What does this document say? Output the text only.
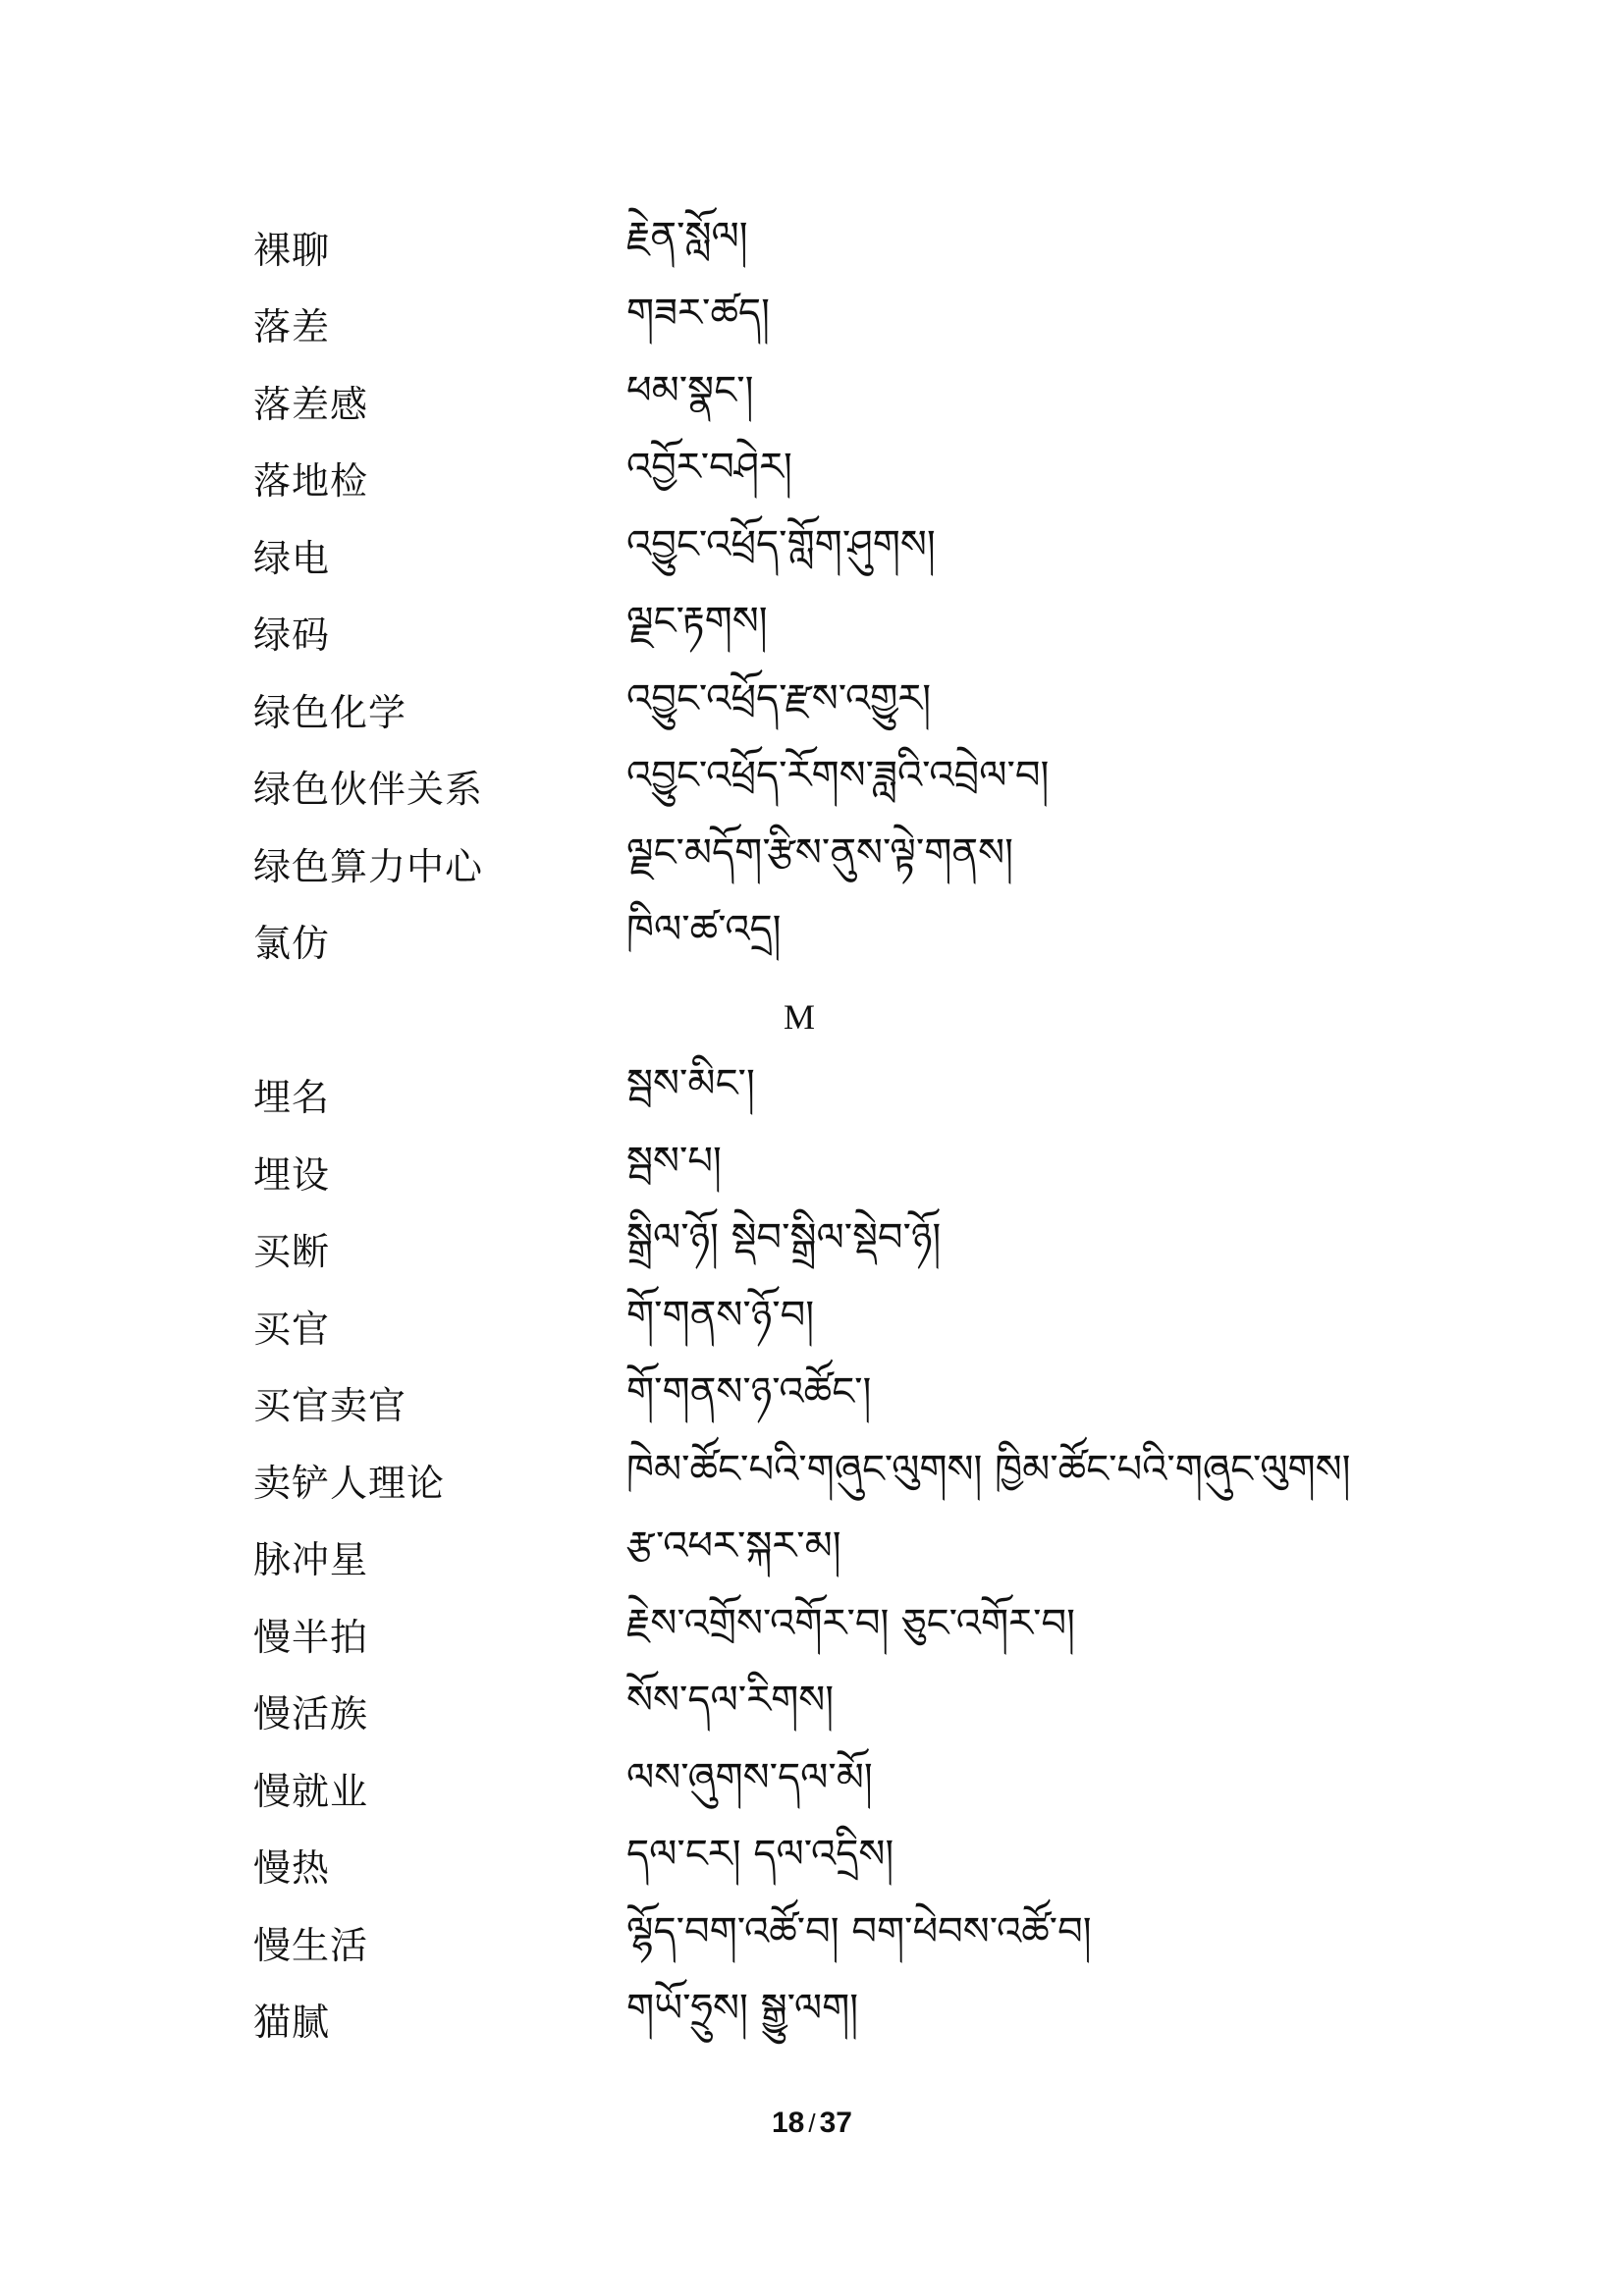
裸聊	རྗེན་སློལ།
落差	གཟར་ཚད།
落差感	ཕམ་སྣང་།
落地检	འབྱོར་བཤེར།
绿电	འབྱུང་འཕྲོད་གློག་ཤུགས།
绿码	ལྗང་རྟགས།
绿色化学	འབྱུང་འཕྲོད་རྫས་འགྱུར།
绿色伙伴关系	འབྱུང་འཕྲོད་རོགས་ཟླའི་འབྲེལ་བ།
绿色算力中心	ལྗང་མདོག་རྩིས་ནུས་ལྟེ་གནས།
氯仿	ཁིལ་ཚ་འདྲ།
M
埋名	སྦས་མིང་།
埋设	སྦས་པ།
买断	སྒྲིལ་ཉོ། སྡེབ་སྒྲིལ་སྡེབ་ཉོ།
买官	གོ་གནས་ཉོ་བ།
买官卖官	གོ་གནས་ཉ་འཚོང་།
卖铲人理论	ཁེམ་ཚོང་པའི་གཞུང་ལུགས། ཁྱིམ་ཚོང་པའི་གཞུང་ལུགས།
脉冲星	རྩ་འཕར་སྐར་མ།
慢半拍	རྗེས་འགྲོས་འགོར་བ། ཅུང་འགོར་བ།
慢活族	སོས་དལ་རིགས།
慢就业	ལས་ཞུགས་དལ་མོ།
慢热	དལ་ངར། དལ་འདྲིས།
慢生活	ལྷོད་བག་འཚོ་བ། བག་ཕེབས་འཚོ་བ།
猫腻	གཡོ་ཧྲུས། སྒྱུ་ལག།
18 / 37
